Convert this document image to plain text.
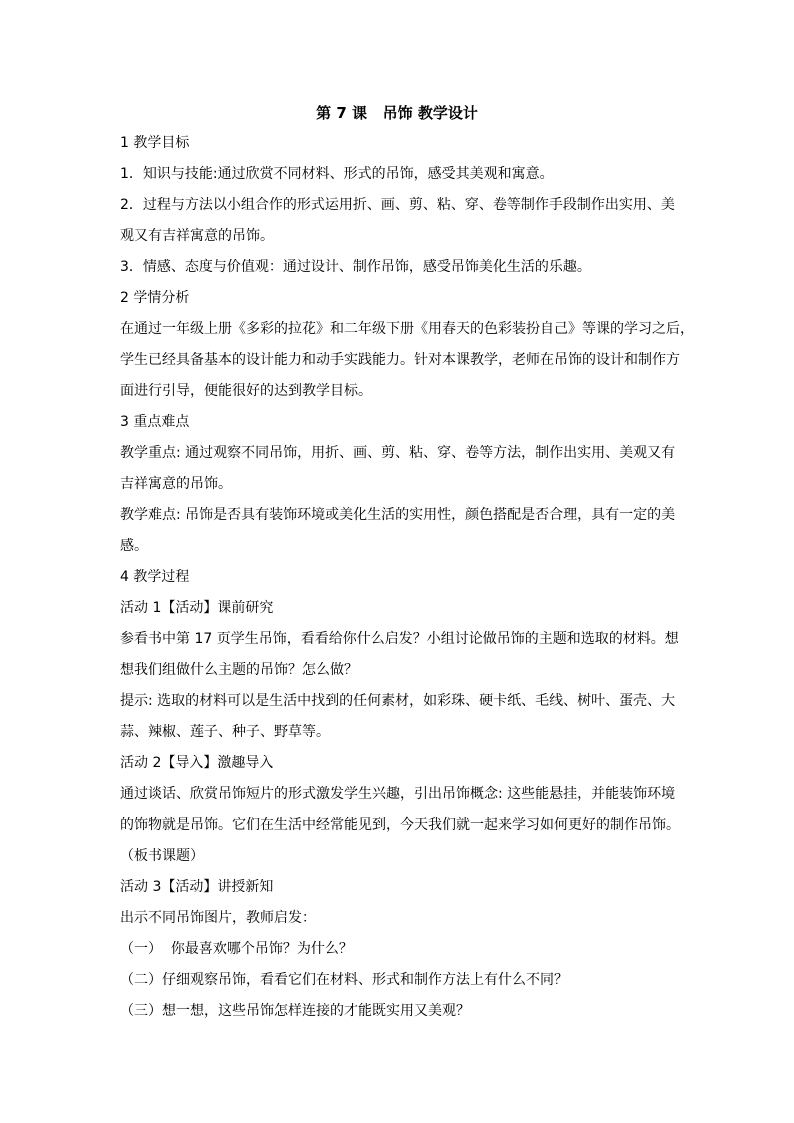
第 7 课   吊饰 教学设计
1 教学目标
1．知识与技能:通过欣赏不同材料、形式的吊饰，感受其美观和寓意。
2．过程与方法以小组合作的形式运用折、画、剪、粘、穿、卷等制作手段制作出实用、美
观又有吉祥寓意的吊饰。
3．情感、态度与价值观：通过设计、制作吊饰，感受吊饰美化生活的乐趣。
2 学情分析
在通过一年级上册《多彩的拉花》和二年级下册《用春天的色彩装扮自己》等课的学习之后，
学生已经具备基本的设计能力和动手实践能力。针对本课教学，老师在吊饰的设计和制作方
面进行引导，便能很好的达到教学目标。
3 重点难点
教学重点: 通过观察不同吊饰，用折、画、剪、粘、穿、卷等方法，制作出实用、美观又有
吉祥寓意的吊饰。
教学难点: 吊饰是否具有装饰环境或美化生活的实用性，颜色搭配是否合理，具有一定的美
感。
4 教学过程
活动 1【活动】课前研究
参看书中第 17 页学生吊饰，看看给你什么启发？小组讨论做吊饰的主题和选取的材料。想
想我们组做什么主题的吊饰？怎么做？
提示: 选取的材料可以是生活中找到的任何素材，如彩珠、硬卡纸、毛线、树叶、蛋壳、大
蒜、辣椒、莲子、种子、野草等。
活动 2【导入】激趣导入
通过谈话、欣赏吊饰短片的形式激发学生兴趣，引出吊饰概念: 这些能悬挂，并能装饰环境
的饰物就是吊饰。它们在生活中经常能见到，今天我们就一起来学习如何更好的制作吊饰。
（板书课题）
活动 3【活动】讲授新知
出示不同吊饰图片，教师启发：
（一）  你最喜欢哪个吊饰？为什么？
（二）仔细观察吊饰，看看它们在材料、形式和制作方法上有什么不同？
（三）想一想，这些吊饰怎样连接的才能既实用又美观？
